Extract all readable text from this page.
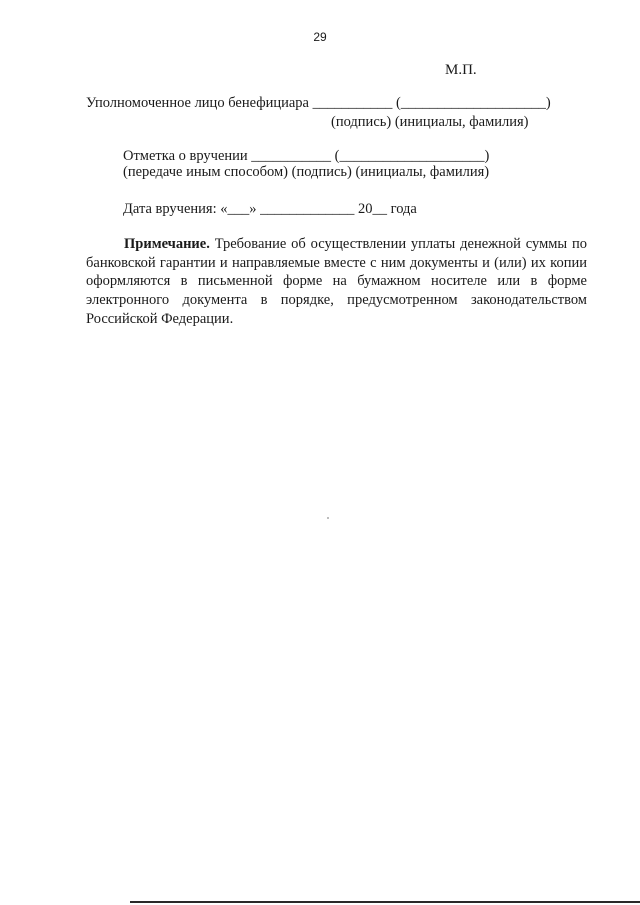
29
М.П.
Уполномоченное лицо бенефициара ___________ (____________________)
(подпись) (инициалы, фамилия)
Отметка о вручении ___________ (____________________)
(передаче иным способом) (подпись) (инициалы, фамилия)
Дата вручения: «___» _____________ 20__ года
Примечание. Требование об осуществлении уплаты денежной суммы по банковской гарантии и направляемые вместе с ним документы и (или) их копии оформляются в письменной форме на бумажном носителе или в форме электронного документа в порядке, предусмотренном законодательством Российской Федерации.
